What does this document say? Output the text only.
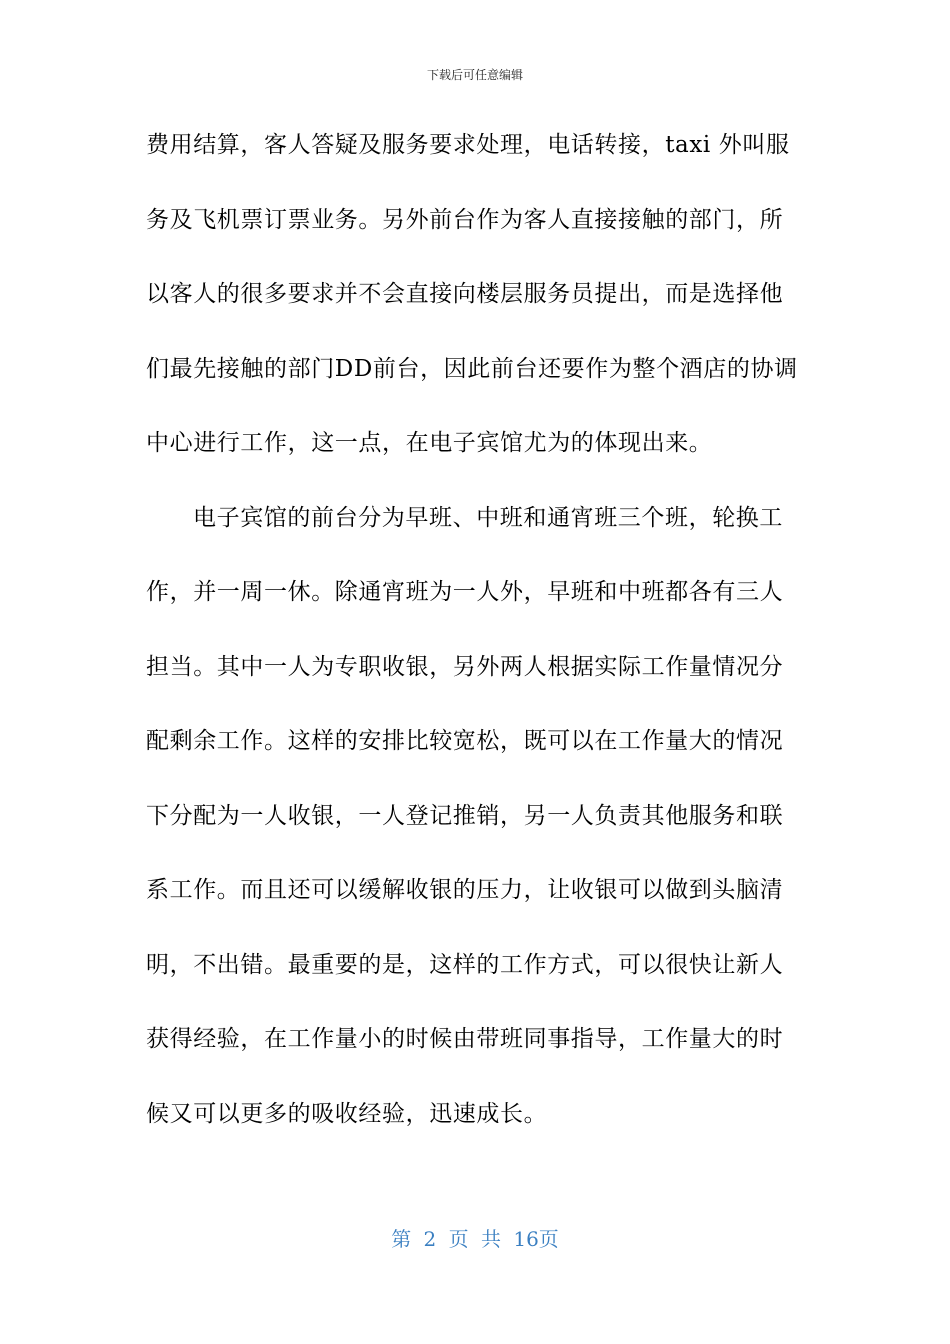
下载后可任意编辑
费用结算，客人答疑及服务要求处理，电话转接，taxi 外叫服
务及飞机票订票业务。另外前台作为客人直接接触的部门，所
以客人的很多要求并不会直接向楼层服务员提出，而是选择他
们最先接触的部门DD前台，因此前台还要作为整个酒店的协调
中心进行工作，这一点，在电子宾馆尤为的体现出来。
电子宾馆的前台分为早班、中班和通宵班三个班，轮换工
作，并一周一休。除通宵班为一人外，早班和中班都各有三人
担当。其中一人为专职收银，另外两人根据实际工作量情况分
配剩余工作。这样的安排比较宽松，既可以在工作量大的情况
下分配为一人收银，一人登记推销，另一人负责其他服务和联
系工作。而且还可以缓解收银的压力，让收银可以做到头脑清
明，不出错。最重要的是，这样的工作方式，可以很快让新人
获得经验，在工作量小的时候由带班同事指导，工作量大的时
候又可以更多的吸收经验，迅速成长。
第 2 页 共 16页
